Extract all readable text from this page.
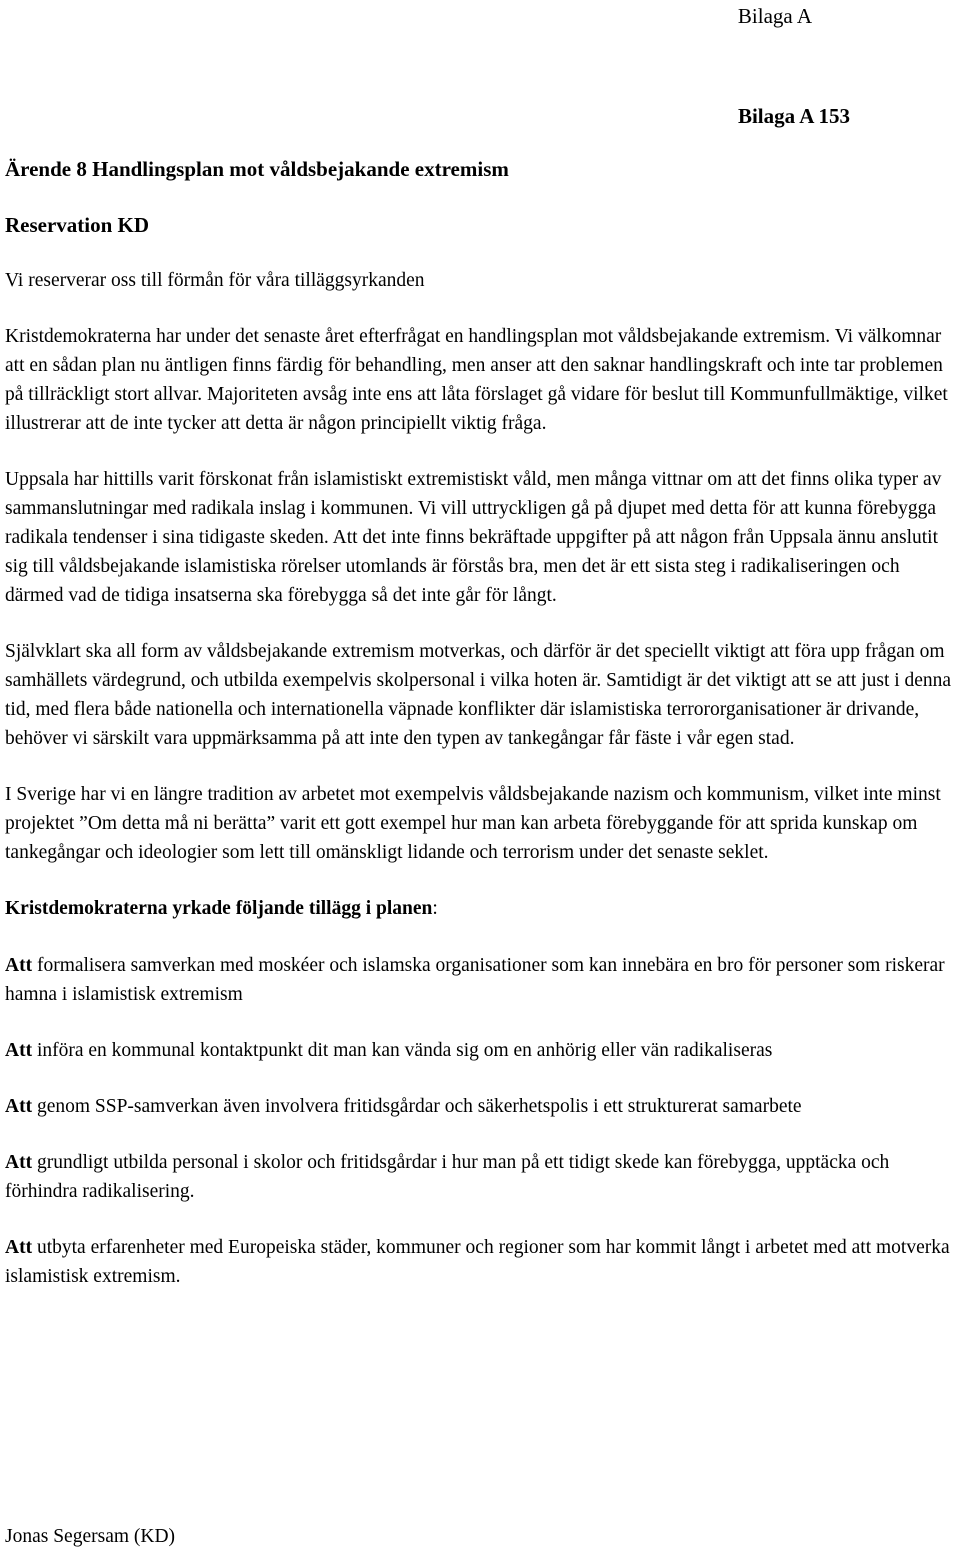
Bilaga A
Bilaga A 153
Ärende 8 Handlingsplan mot våldsbejakande extremism
Reservation KD

Vi reserverar oss till förmån för våra tilläggsyrkanden

Kristdemokraterna har under det senaste året efterfrågat en handlingsplan mot våldsbejakande extremism. Vi välkomnar att en sådan plan nu äntligen finns färdig för behandling, men anser att den saknar handlingskraft och inte tar problemen på tillräckligt stort allvar. Majoriteten avsåg inte ens att låta förslaget gå vidare för beslut till Kommunfullmäktige, vilket illustrerar att de inte tycker att detta är någon principiellt viktig fråga.

Uppsala har hittills varit förskonat från islamistiskt extremistiskt våld, men många vittnar om att det finns olika typer av sammanslutningar med radikala inslag i kommunen. Vi vill uttryckligen gå på djupet med detta för att kunna förebygga radikala tendenser i sina tidigaste skeden. Att det inte finns bekräftade uppgifter på att någon från Uppsala ännu anslutit sig till våldsbejakande islamistiska rörelser utomlands är förstås bra, men det är ett sista steg i radikaliseringen och därmed vad de tidiga insatserna ska förebygga så det inte går för långt.

Självklart ska all form av våldsbejakande extremism motverkas, och därför är det speciellt viktigt att föra upp frågan om samhällets värdegrund, och utbilda exempelvis skolpersonal i vilka hoten är. Samtidigt är det viktigt att se att just i denna tid, med flera både nationella och internationella väpnade konflikter där islamistiska terrororganisationer är drivande, behöver vi särskilt vara uppmärksamma på att inte den typen av tankegångar får fäste i vår egen stad.

I Sverige har vi en längre tradition av arbetet mot exempelvis våldsbejakande nazism och kommunism, vilket inte minst projektet ”Om detta må ni berätta” varit ett gott exempel hur man kan arbeta förebyggande för att sprida kunskap om tankegångar och ideologier som lett till omänskligt lidande och terrorism under det senaste seklet.

Kristdemokraterna yrkade följande tillägg i planen:

Att formalisera samverkan med moskéer och islamska organisationer som kan innebära en bro för personer som riskerar hamna i islamistisk extremism

Att införa en kommunal kontaktpunkt dit man kan vända sig om en anhörig eller vän radikaliseras

Att genom SSP-samverkan även involvera fritidsgårdar och säkerhetspolis i ett strukturerat samarbete

Att grundligt utbilda personal i skolor och fritidsgårdar i hur man på ett tidigt skede kan förebygga, upptäcka och förhindra radikalisering.

Att utbyta erfarenheter med Europeiska städer, kommuner och regioner som har kommit långt i arbetet med att motverka islamistisk extremism.

Jonas Segersam (KD)
